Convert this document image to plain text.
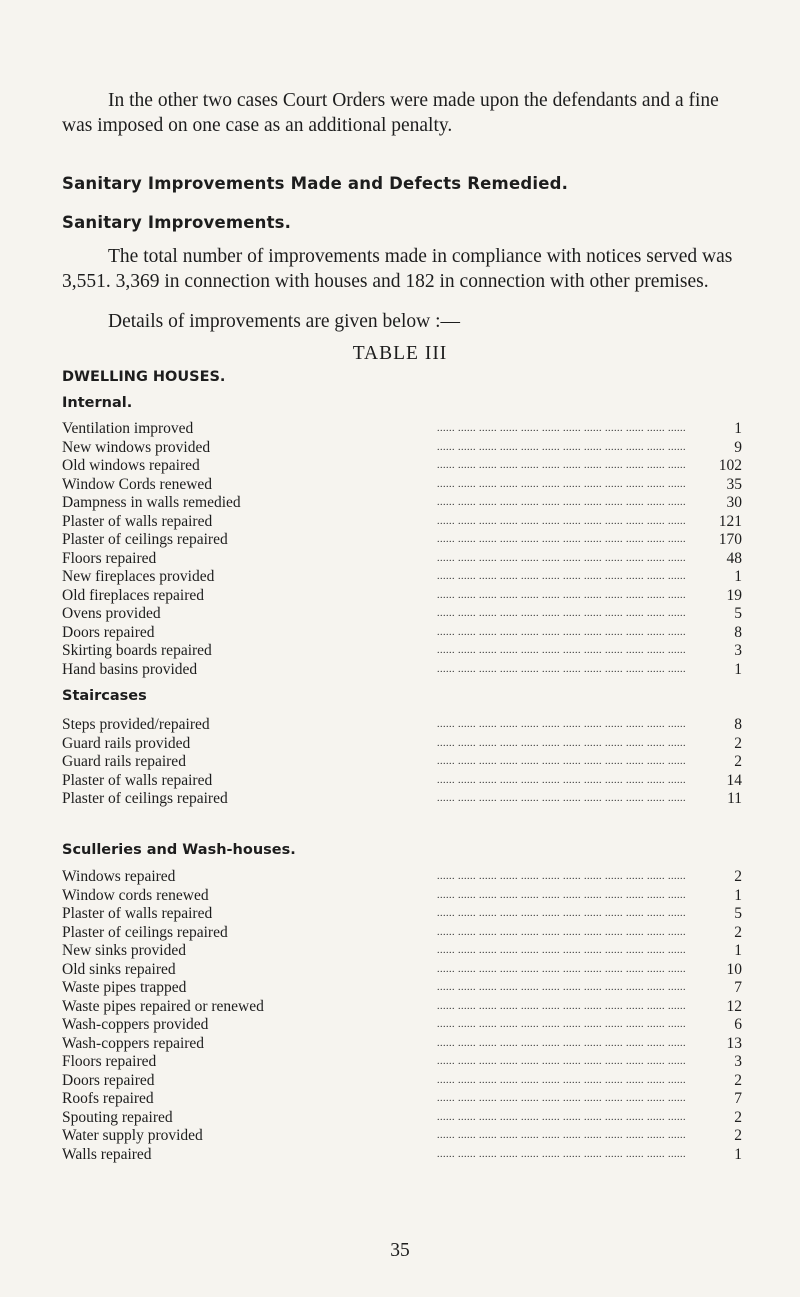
In the other two cases Court Orders were made upon the defendants and a fine was imposed on one case as an additional penalty.

Sanitary Improvements Made and Defects Remedied.
Sanitary Improvements.

The total number of improvements made in compliance with notices served was 3,551. 3,369 in connection with houses and 182 in connection with other premises.

Details of improvements are given below :—

TABLE III

DWELLING HOUSES.
Internal.
...... ...... ...... ...... ...... ...... ...... ...... ...... ...... ...... ......
Ventilation improved	1
...... ...... ...... ...... ...... ...... ...... ...... ...... ...... ...... ......
New windows provided	9
...... ...... ...... ...... ...... ...... ...... ...... ...... ...... ...... ......
Old windows repaired	102
...... ...... ...... ...... ...... ...... ...... ...... ...... ...... ...... ......
Window Cords renewed	35
...... ...... ...... ...... ...... ...... ...... ...... ...... ...... ...... ......
Dampness in walls remedied	30
...... ...... ...... ...... ...... ...... ...... ...... ...... ...... ...... ......
Plaster of walls repaired	121
...... ...... ...... ...... ...... ...... ...... ...... ...... ...... ...... ......
Plaster of ceilings repaired	170
...... ...... ...... ...... ...... ...... ...... ...... ...... ...... ...... ......
Floors repaired	48
...... ...... ...... ...... ...... ...... ...... ...... ...... ...... ...... ......
New fireplaces provided	1
...... ...... ...... ...... ...... ...... ...... ...... ...... ...... ...... ......
Old fireplaces repaired	19
...... ...... ...... ...... ...... ...... ...... ...... ...... ...... ...... ......
Ovens provided	5
...... ...... ...... ...... ...... ...... ...... ...... ...... ...... ...... ......
Doors repaired	8
...... ...... ...... ...... ...... ...... ...... ...... ...... ...... ...... ......
Skirting boards repaired	3
...... ...... ...... ...... ...... ...... ...... ...... ...... ...... ...... ......
Hand basins provided	1
Staircases
...... ...... ...... ...... ...... ...... ...... ...... ...... ...... ...... ......
Steps provided/repaired	8
...... ...... ...... ...... ...... ...... ...... ...... ...... ...... ...... ......
Guard rails provided	2
...... ...... ...... ...... ...... ...... ...... ...... ...... ...... ...... ......
Guard rails repaired	2
...... ...... ...... ...... ...... ...... ...... ...... ...... ...... ...... ......
Plaster of walls repaired	14
...... ...... ...... ...... ...... ...... ...... ...... ...... ...... ...... ......
Plaster of ceilings repaired	11
Sculleries and Wash-houses.
...... ...... ...... ...... ...... ...... ...... ...... ...... ...... ...... ......
Windows repaired	2
...... ...... ...... ...... ...... ...... ...... ...... ...... ...... ...... ......
Window cords renewed	1
...... ...... ...... ...... ...... ...... ...... ...... ...... ...... ...... ......
Plaster of walls repaired	5
...... ...... ...... ...... ...... ...... ...... ...... ...... ...... ...... ......
Plaster of ceilings repaired	2
...... ...... ...... ...... ...... ...... ...... ...... ...... ...... ...... ......
New sinks provided	1
...... ...... ...... ...... ...... ...... ...... ...... ...... ...... ...... ......
Old sinks repaired	10
...... ...... ...... ...... ...... ...... ...... ...... ...... ...... ...... ......
Waste pipes trapped	7
...... ...... ...... ...... ...... ...... ...... ...... ...... ...... ...... ......
Waste pipes repaired or renewed	12
...... ...... ...... ...... ...... ...... ...... ...... ...... ...... ...... ......
Wash-coppers provided	6
...... ...... ...... ...... ...... ...... ...... ...... ...... ...... ...... ......
Wash-coppers repaired	13
...... ...... ...... ...... ...... ...... ...... ...... ...... ...... ...... ......
Floors repaired	3
...... ...... ...... ...... ...... ...... ...... ...... ...... ...... ...... ......
Doors repaired	2
...... ...... ...... ...... ...... ...... ...... ...... ...... ...... ...... ......
Roofs repaired	7
...... ...... ...... ...... ...... ...... ...... ...... ...... ...... ...... ......
Spouting repaired	2
...... ...... ...... ...... ...... ...... ...... ...... ...... ...... ...... ......
Water supply provided	2
...... ...... ...... ...... ...... ...... ...... ...... ...... ...... ...... ......
Walls repaired	1

35
